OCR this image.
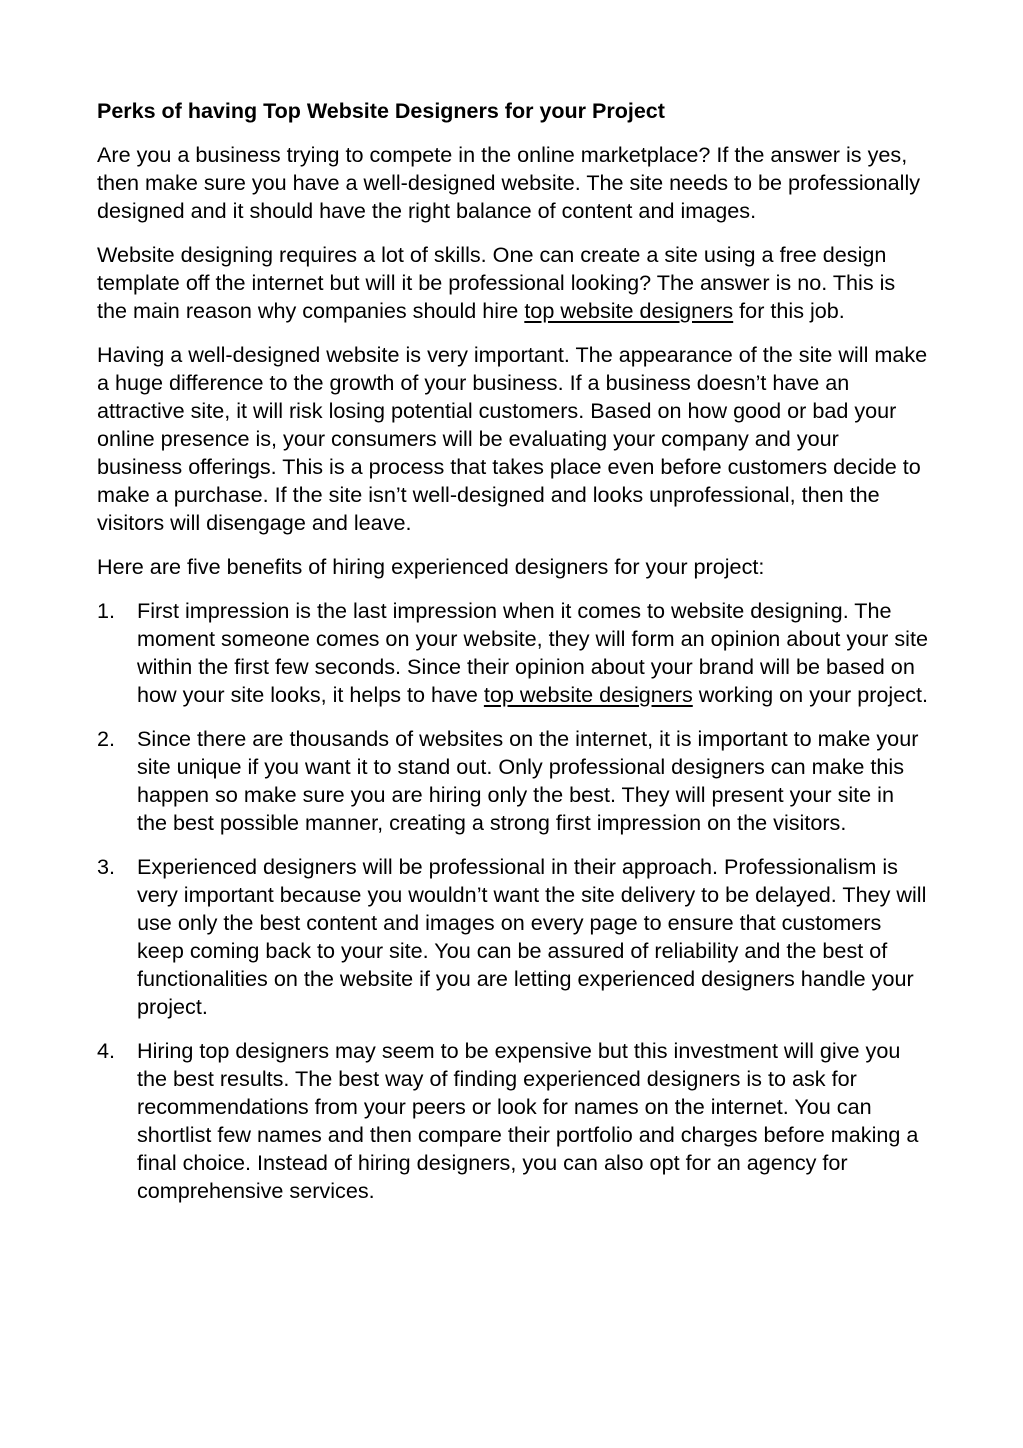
Perks of having Top Website Designers for your Project

Are you a business trying to compete in the online marketplace? If the answer is yes, then make sure you have a well-designed website. The site needs to be professionally designed and it should have the right balance of content and images.

Website designing requires a lot of skills. One can create a site using a free design template off the internet but will it be professional looking? The answer is no. This is the main reason why companies should hire top website designers for this job.

Having a well-designed website is very important. The appearance of the site will make a huge difference to the growth of your business. If a business doesn’t have an attractive site, it will risk losing potential customers. Based on how good or bad your online presence is, your consumers will be evaluating your company and your business offerings. This is a process that takes place even before customers decide to make a purchase. If the site isn’t well-designed and looks unprofessional, then the visitors will disengage and leave.

Here are five benefits of hiring experienced designers for your project:

1. First impression is the last impression when it comes to website designing. The moment someone comes on your website, they will form an opinion about your site within the first few seconds. Since their opinion about your brand will be based on how your site looks, it helps to have top website designers working on your project.
2. Since there are thousands of websites on the internet, it is important to make your site unique if you want it to stand out. Only professional designers can make this happen so make sure you are hiring only the best. They will present your site in the best possible manner, creating a strong first impression on the visitors.
3. Experienced designers will be professional in their approach. Professionalism is very important because you wouldn’t want the site delivery to be delayed. They will use only the best content and images on every page to ensure that customers keep coming back to your site. You can be assured of reliability and the best of functionalities on the website if you are letting experienced designers handle your project.
4. Hiring top designers may seem to be expensive but this investment will give you the best results. The best way of finding experienced designers is to ask for recommendations from your peers or look for names on the internet. You can shortlist few names and then compare their portfolio and charges before making a final choice. Instead of hiring designers, you can also opt for an agency for comprehensive services.
